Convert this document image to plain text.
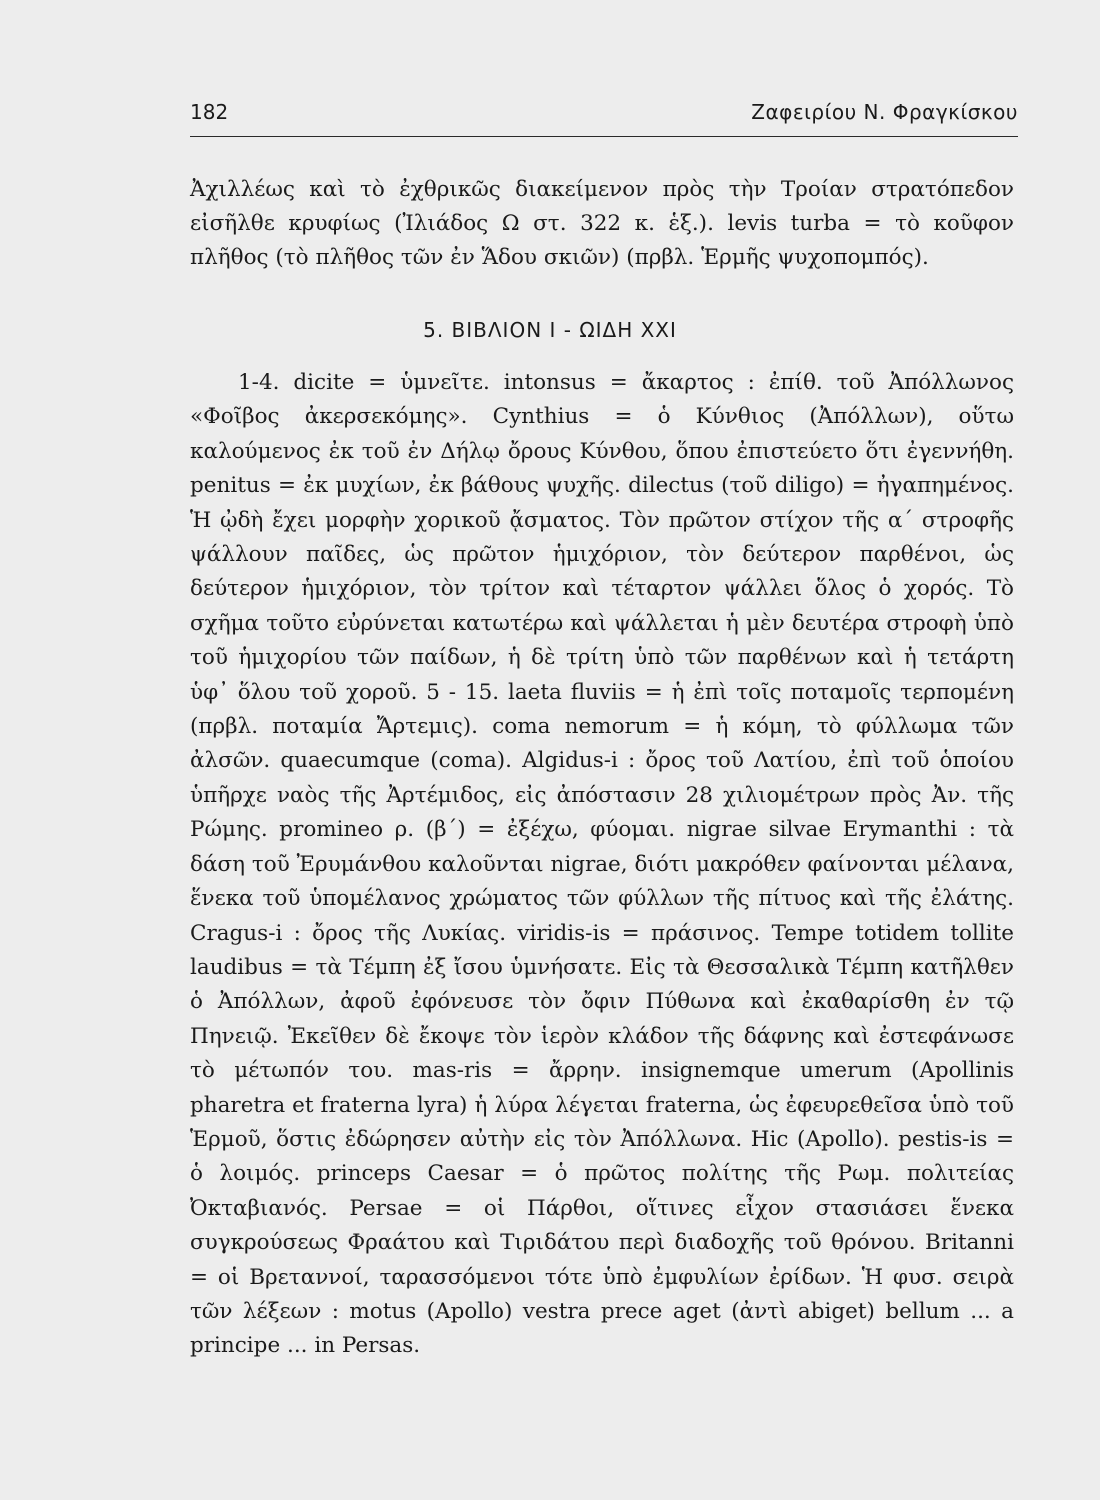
182	Ζαφειρίου Ν. Φραγκίσκου

Ἀχιλλέως καὶ τὸ ἐχθρικῶς διακείμενον πρὸς τὴν Τροίαν στρατόπεδον εἰσῆλθε κρυφίως (Ἰλιάδος Ω στ. 322 κ. ἑξ.). levis turba = τὸ κοῦφον πλῆθος (τὸ πλῆθος τῶν ἐν Ἅδου σκιῶν) (πρβλ. Ἑρμῆς ψυχοπομπός).

5. ΒΙΒΛΙΟΝ I - ΩΙΔΗ XXI

1-4. dicite = ὑμνεῖτε. intonsus = ἄκαρτος : ἐπίθ. τοῦ Ἀπόλλωνος «Φοῖβος ἀκερσεκόμης». Cynthius = ὁ Κύνθιος (Ἀπόλλων), οὕτω καλούμενος ἐκ τοῦ ἐν Δήλῳ ὄρους Κύνθου, ὅπου ἐπιστεύετο ὅτι ἐγεννήθη. penitus = ἐκ μυχίων, ἐκ βάθους ψυχῆς. dilectus (τοῦ diligo) = ἠγαπημένος. Ἡ ᾠδὴ ἔχει μορφὴν χορικοῦ ᾄσματος. Τὸν πρῶτον στίχον τῆς α΄ στροφῆς ψάλλουν παῖδες, ὡς πρῶτον ἡμιχόριον, τὸν δεύτερον παρθένοι, ὡς δεύτερον ἡμιχόριον, τὸν τρίτον καὶ τέταρτον ψάλλει ὅλος ὁ χορός. Τὸ σχῆμα τοῦτο εὐρύνεται κατωτέρω καὶ ψάλλεται ἡ μὲν δευτέρα στροφὴ ὑπὸ τοῦ ἡμιχορίου τῶν παίδων, ἡ δὲ τρίτη ὑπὸ τῶν παρθένων καὶ ἡ τετάρτη ὑφ᾽ ὅλου τοῦ χοροῦ. 5 - 15. laeta fluviis = ἡ ἐπὶ τοῖς ποταμοῖς τερπομένη (πρβλ. ποταμία Ἄρτεμις). coma nemorum = ἡ κόμη, τὸ φύλλωμα τῶν ἀλσῶν. quaecumque (coma). Algidus-i : ὄρος τοῦ Λατίου, ἐπὶ τοῦ ὁποίου ὑπῆρχε ναὸς τῆς Ἀρτέμιδος, εἰς ἀπόστασιν 28 χιλιομέτρων πρὸς Ἀν. τῆς Ρώμης. promineo ρ. (β΄) = ἐξέχω, φύομαι. nigrae silvae Erymanthi : τὰ δάση τοῦ Ἐρυμάνθου καλοῦνται nigrae, διότι μακρόθεν φαίνονται μέλανα, ἕνεκα τοῦ ὑπομέλανος χρώματος τῶν φύλλων τῆς πίτυος καὶ τῆς ἐλάτης. Cragus-i : ὄρος τῆς Λυκίας. viridis-is = πράσινος. Tempe totidem tollite laudibus = τὰ Τέμπη ἐξ ἴσου ὑμνήσατε. Εἰς τὰ Θεσσαλικὰ Τέμπη κατῆλθεν ὁ Ἀπόλλων, ἀφοῦ ἐφόνευσε τὸν ὄφιν Πύθωνα καὶ ἐκαθαρίσθη ἐν τῷ Πηνειῷ. Ἐκεῖθεν δὲ ἔκοψε τὸν ἱερὸν κλάδον τῆς δάφνης καὶ ἐστεφάνωσε τὸ μέτωπόν του. mas-ris = ἄρρην. insignemque umerum (Apollinis pharetra et fraterna lyra) ἡ λύρα λέγεται fraterna, ὡς ἐφευρεθεῖσα ὑπὸ τοῦ Ἑρμοῦ, ὅστις ἐδώρησεν αὐτὴν εἰς τὸν Ἀπόλλωνα. Hic (Apollo). pestis-is = ὁ λοιμός. princeps Caesar = ὁ πρῶτος πολίτης τῆς Ρωμ. πολιτείας Ὀκταβιανός. Persae = οἱ Πάρθοι, οἵτινες εἶχον στασιάσει ἕνεκα συγκρούσεως Φραάτου καὶ Τιριδάτου περὶ διαδοχῆς τοῦ θρόνου. Britanni = οἱ Βρεταννοί, ταρασσόμενοι τότε ὑπὸ ἐμφυλίων ἐρίδων. Ἡ φυσ. σειρὰ τῶν λέξεων : motus (Apollo) vestra prece aget (ἀντὶ abiget) bellum ... a principe ... in Persas.
